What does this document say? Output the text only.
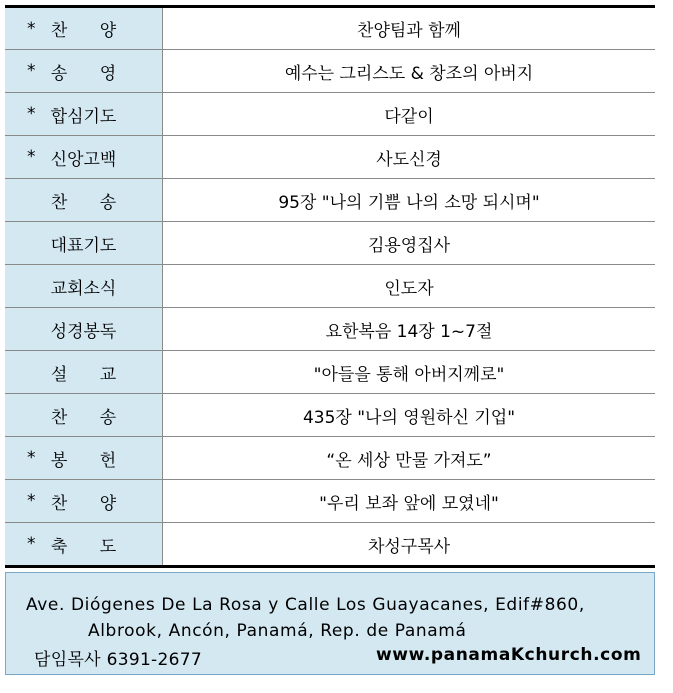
* 찬      양	찬양팀과 함께

* 송      영	예수는 그리스도 & 창조의 아버지

* 합심기도	다같이

* 신앙고백	사도신경

찬      송	95장 "나의 기쁨 나의 소망 되시며"

대표기도	김용영집사

교회소식	인도자

성경봉독	요한복음 14장 1~7절

설      교	"아들을 통해 아버지께로"

찬      송	435장 "나의 영원하신 기업"

* 봉      헌	“온 세상 만물 가져도”

* 찬      양	"우리 보좌 앞에 모였네"

* 축      도	차성구목사
Ave. Diógenes De La Rosa y Calle Los Guayacanes, Edif#860,
Albrook, Ancón, Panamá, Rep. de Panamá
담임목사 6391-2677	www.panamaKchurch.com
